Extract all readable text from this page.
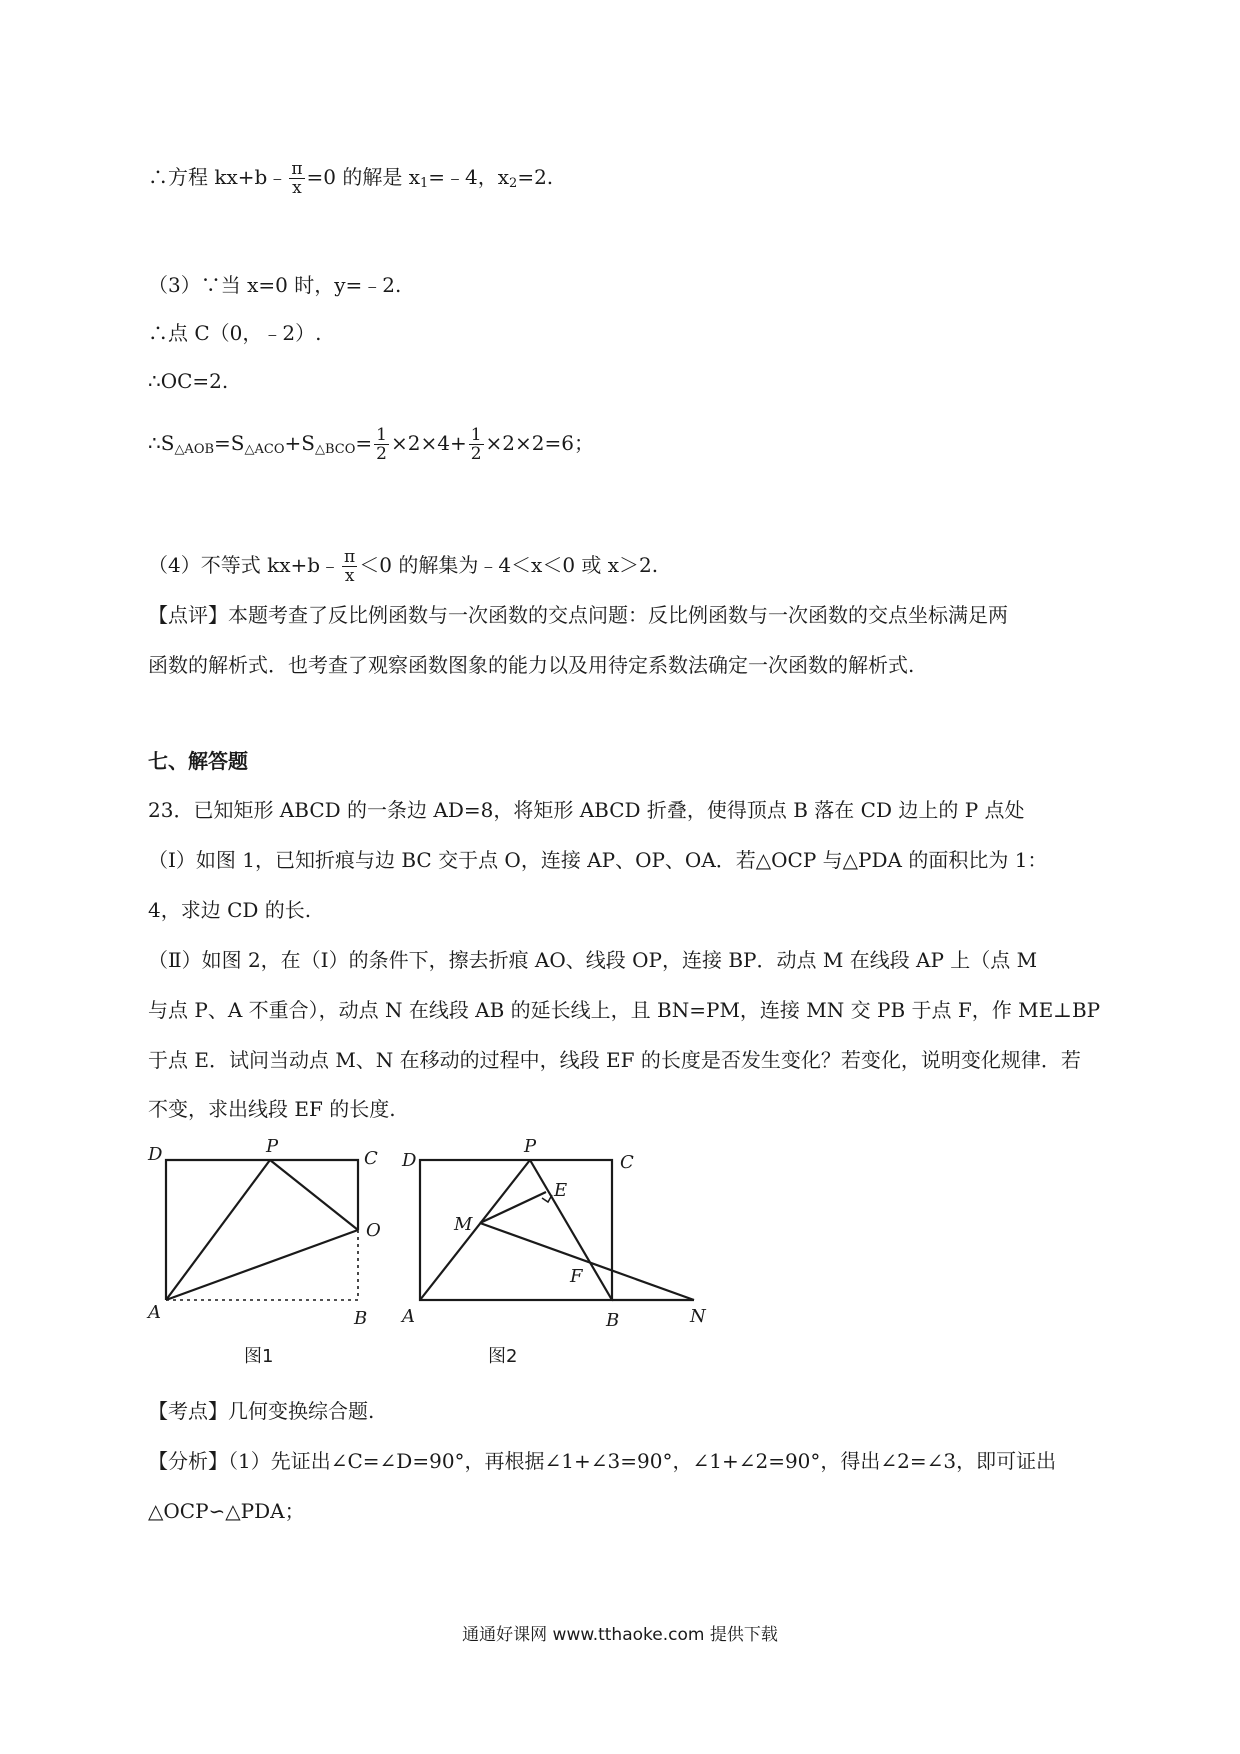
∴方程 kx+b﹣ $\frac{\pi}{x} =0$ 的解是 $x_1=﹣4$，$x_2=2$.
（3）∵当 x=0 时，y=﹣2.
∴点 C（0，﹣2）.
∴OC=2.
$\therefore S_{\triangle AOB}=S_{\triangle ACO}+S_{\triangle BCO}= \frac{1}{2} \times 2\times 4+ \frac{1}{2} \times 2\times 2=6$；
（4）不等式 kx+b﹣ $\frac{\pi}{x} <0$ 的解集为﹣4＜x＜0 或 x＞2.
【点评】本题考查了反比例函数与一次函数的交点问题：反比例函数与一次函数的交点坐标满足两
函数的解析式．也考查了观察函数图象的能力以及用待定系数法确定一次函数的解析式.
七、解答题
23．已知矩形 ABCD 的一条边 AD=8，将矩形 ABCD 折叠，使得顶点 B 落在 CD 边上的 P 点处
（Ⅰ）如图 1，已知折痕与边 BC 交于点 O，连接 AP、OP、OA．若△OCP 与△PDA 的面积比为 1：
4，求边 CD 的长.
（Ⅱ）如图 2，在（Ⅰ）的条件下，擦去折痕 AO、线段 OP，连接 BP．动点 M 在线段 AP 上（点 M
与点 P、A 不重合），动点 N 在线段 AB 的延长线上，且 BN=PM，连接 MN 交 PB 于点 F，作 ME⊥BP
于点 E．试问当动点 M、N 在移动的过程中，线段 EF 的长度是否发生变化？若变化，说明变化规律．若
不变，求出线段 EF 的长度.
D	P
C
O
A	B
图1
D
P
C
E
M
F
A	B	N
图2
【考点】几何变换综合题.
【分析】（1）先证出∠C=∠D=90°，再根据∠1+∠3=90°，∠1+∠2=90°，得出∠2=∠3，即可证出
△OCP∽△PDA；
通通好课网 www.tthaoke.com 提供下载
